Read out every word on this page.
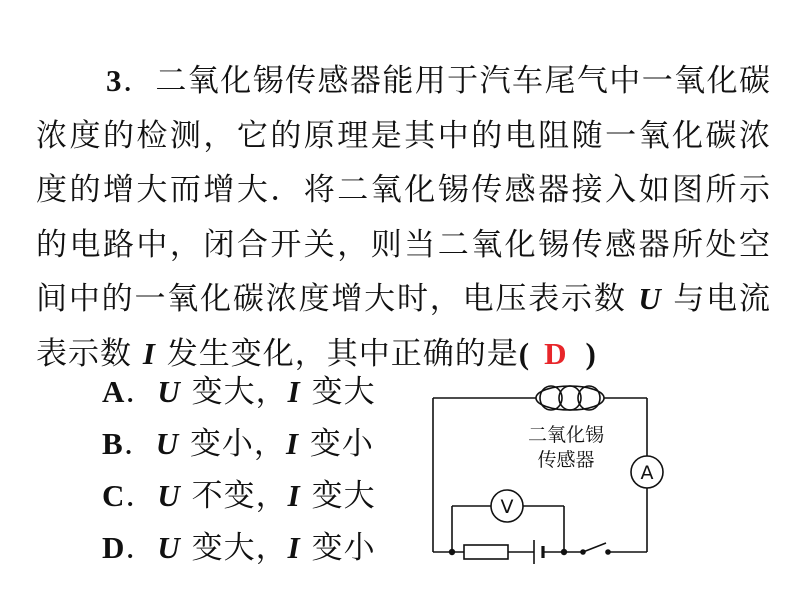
3．二氧化锡传感器能用于汽车尾气中一氧化碳浓度的检测，它的原理是其中的电阻随一氧化碳浓度的增大而增大．将二氧化锡传感器接入如图所示的电路中，闭合开关，则当二氧化锡传感器所处空间中的一氧化碳浓度增大时，电压表示数 U 与电流表示数 I 发生变化，其中正确的是( D )

A．U 变大，I 变大
B．U 变小，I 变小
C．U 不变，I 变大
D．U 变大，I 变小
二氧化锡
传感器
A
V
